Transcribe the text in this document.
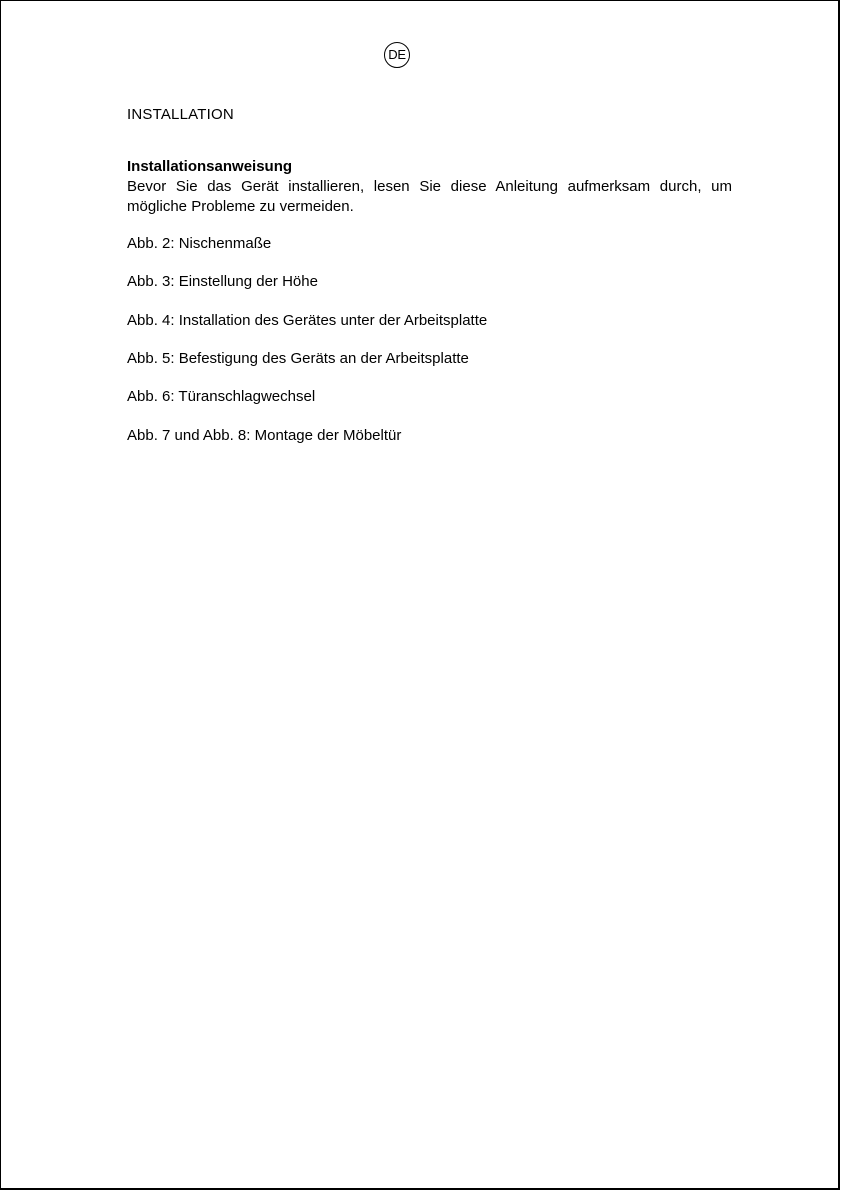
DE
INSTALLATION
Installationsanweisung

Bevor Sie das Gerät installieren, lesen Sie diese Anleitung aufmerksam durch, um mögliche Probleme zu vermeiden.

Abb. 2: Nischenmaße
Abb. 3: Einstellung der Höhe
Abb. 4: Installation des Gerätes unter der Arbeitsplatte
Abb. 5: Befestigung des Geräts an der Arbeitsplatte
Abb. 6: Türanschlagwechsel
Abb. 7 und Abb. 8: Montage der Möbeltür
